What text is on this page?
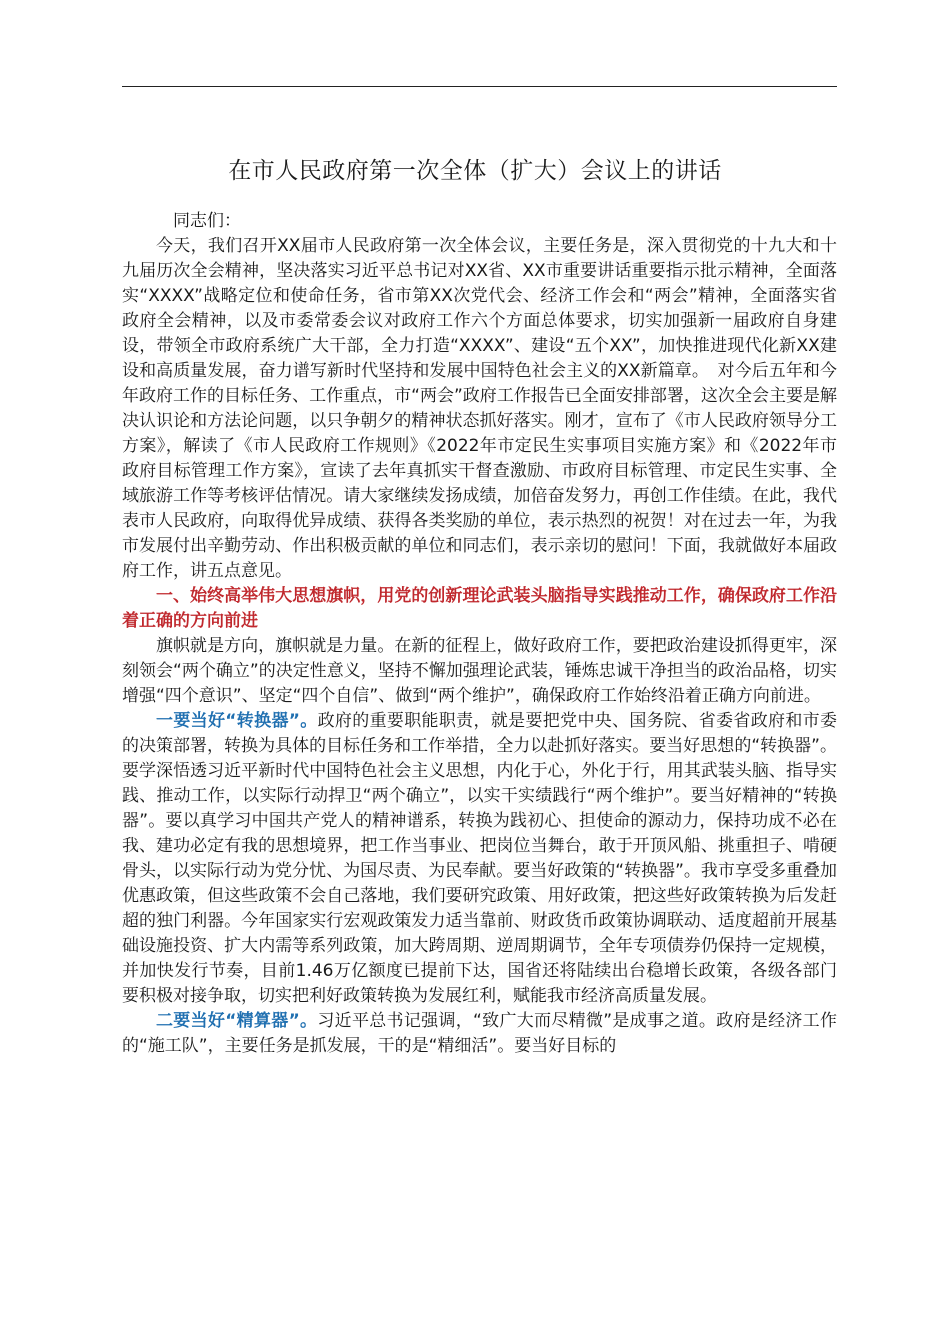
在市人民政府第一次全体（扩大）会议上的讲话

同志们：

今天，我们召开XX届市人民政府第一次全体会议，主要任务是，深入贯彻党的十九大和十九届历次全会精神，坚决落实习近平总书记对XX省、XX市重要讲话重要指示批示精神，全面落实“XXXX”战略定位和使命任务，省市第XX次党代会、经济工作会和“两会”精神，全面落实省政府全会精神，以及市委常委会议对政府工作六个方面总体要求，切实加强新一届政府自身建设，带领全市政府系统广大干部，全力打造“XXXX”、建设“五个XX”，加快推进现代化新XX建设和高质量发展，奋力谱写新时代坚持和发展中国特色社会主义的XX新篇章。　对今后五年和今年政府工作的目标任务、工作重点，市“两会”政府工作报告已全面安排部署，这次全会主要是解决认识论和方法论问题，以只争朝夕的精神状态抓好落实。刚才，宣布了《市人民政府领导分工方案》，解读了《市人民政府工作规则》《2022年市定民生实事项目实施方案》和《2022年市政府目标管理工作方案》，宣读了去年真抓实干督查激励、市政府目标管理、市定民生实事、全域旅游工作等考核评估情况。请大家继续发扬成绩，加倍奋发努力，再创工作佳绩。在此，我代表市人民政府，向取得优异成绩、获得各类奖励的单位，表示热烈的祝贺！对在过去一年，为我市发展付出辛勤劳动、作出积极贡献的单位和同志们，表示亲切的慰问！下面，我就做好本届政府工作，讲五点意见。

一、始终高举伟大思想旗帜，用党的创新理论武装头脑指导实践推动工作，确保政府工作沿着正确的方向前进

旗帜就是方向，旗帜就是力量。在新的征程上，做好政府工作，要把政治建设抓得更牢，深刻领会“两个确立”的决定性意义，坚持不懈加强理论武装，锤炼忠诚干净担当的政治品格，切实增强“四个意识”、坚定“四个自信”、做到“两个维护”，确保政府工作始终沿着正确方向前进。

一要当好“转换器”。政府的重要职能职责，就是要把党中央、国务院、省委省政府和市委的决策部署，转换为具体的目标任务和工作举措，全力以赴抓好落实。要当好思想的“转换器”。要学深悟透习近平新时代中国特色社会主义思想，内化于心，外化于行，用其武装头脑、指导实践、推动工作，以实际行动捍卫“两个确立”，以实干实绩践行“两个维护”。要当好精神的“转换器”。要以真学习中国共产党人的精神谱系，转换为践初心、担使命的源动力，保持功成不必在我、建功必定有我的思想境界，把工作当事业、把岗位当舞台，敢于开顶风船、挑重担子、啃硬骨头，以实际行动为党分忧、为国尽责、为民奉献。要当好政策的“转换器”。我市享受多重叠加优惠政策，但这些政策不会自己落地，我们要研究政策、用好政策，把这些好政策转换为后发赶超的独门利器。今年国家实行宏观政策发力适当靠前、财政货币政策协调联动、适度超前开展基础设施投资、扩大内需等系列政策，加大跨周期、逆周期调节，全年专项债券仍保持一定规模，并加快发行节奏，目前1.46万亿额度已提前下达，国省还将陆续出台稳增长政策，各级各部门要积极对接争取，切实把利好政策转换为发展红利，赋能我市经济高质量发展。

二要当好“精算器”。习近平总书记强调，“致广大而尽精微”是成事之道。政府是经济工作的“施工队”，主要任务是抓发展，干的是“精细活”。要当好目标的
